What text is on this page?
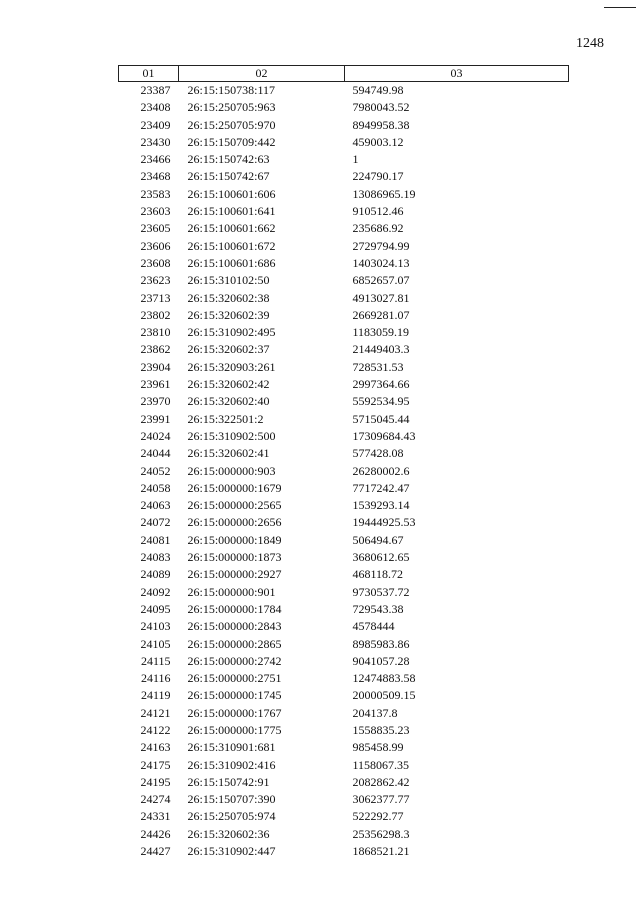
1248
01	02	03
23387	26:15:150738:117	594749.98
23408	26:15:250705:963	7980043.52
23409	26:15:250705:970	8949958.38
23430	26:15:150709:442	459003.12
23466	26:15:150742:63	1
23468	26:15:150742:67	224790.17
23583	26:15:100601:606	13086965.19
23603	26:15:100601:641	910512.46
23605	26:15:100601:662	235686.92
23606	26:15:100601:672	2729794.99
23608	26:15:100601:686	1403024.13
23623	26:15:310102:50	6852657.07
23713	26:15:320602:38	4913027.81
23802	26:15:320602:39	2669281.07
23810	26:15:310902:495	1183059.19
23862	26:15:320602:37	21449403.3
23904	26:15:320903:261	728531.53
23961	26:15:320602:42	2997364.66
23970	26:15:320602:40	5592534.95
23991	26:15:322501:2	5715045.44
24024	26:15:310902:500	17309684.43
24044	26:15:320602:41	577428.08
24052	26:15:000000:903	26280002.6
24058	26:15:000000:1679	7717242.47
24063	26:15:000000:2565	1539293.14
24072	26:15:000000:2656	19444925.53
24081	26:15:000000:1849	506494.67
24083	26:15:000000:1873	3680612.65
24089	26:15:000000:2927	468118.72
24092	26:15:000000:901	9730537.72
24095	26:15:000000:1784	729543.38
24103	26:15:000000:2843	4578444
24105	26:15:000000:2865	8985983.86
24115	26:15:000000:2742	9041057.28
24116	26:15:000000:2751	12474883.58
24119	26:15:000000:1745	20000509.15
24121	26:15:000000:1767	204137.8
24122	26:15:000000:1775	1558835.23
24163	26:15:310901:681	985458.99
24175	26:15:310902:416	1158067.35
24195	26:15:150742:91	2082862.42
24274	26:15:150707:390	3062377.77
24331	26:15:250705:974	522292.77
24426	26:15:320602:36	25356298.3
24427	26:15:310902:447	1868521.21
